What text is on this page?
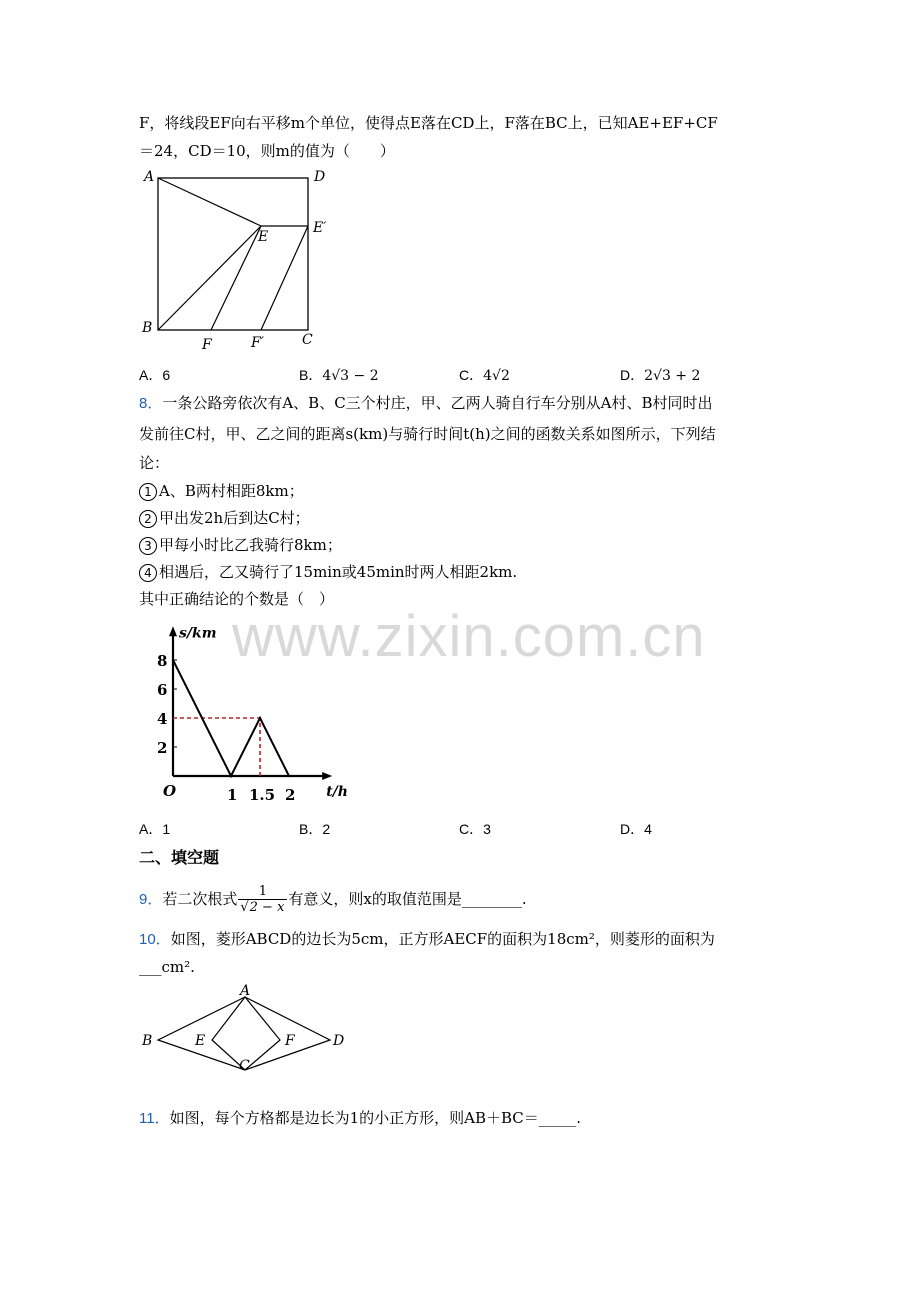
F，将线段EF向右平移m个单位，使得点E落在CD上，F落在BC上，已知AE+EF+CF
＝24，CD＝10，则m的值为（　　）
A	D
E
E′
B
F	F′	C
A．6	B．4√3 − 2	C．4√2	D．2√3 + 2
8．一条公路旁依次有A、B、C三个村庄，甲、乙两人骑自行车分别从A村、B村同时出
发前往C村，甲、乙之间的距离s(km)与骑行时间t(h)之间的函数关系如图所示，下列结
论：
1 A、B两村相距8km；
2 甲出发2h后到达C村；
3 甲每小时比乙我骑行8km；
4 相遇后，乙又骑行了15min或45min时两人相距2km.
其中正确结论的个数是（　）
www.zixin.com.cn
s/km
t/h
O
2
4
6
8
1 1.5 2
A．1	B．2	C．3	D．4
二、填空题
9．若二次根式 $\frac{1}{√2 - x}$ 有意义，则x的取值范围是________.
10．如图，菱形ABCD的边长为5cm，正方形AECF的面积为18cm²，则菱形的面积为
___cm².
A
B	E	F	D
C
11．如图，每个方格都是边长为1的小正方形，则AB＋BC＝_____.
